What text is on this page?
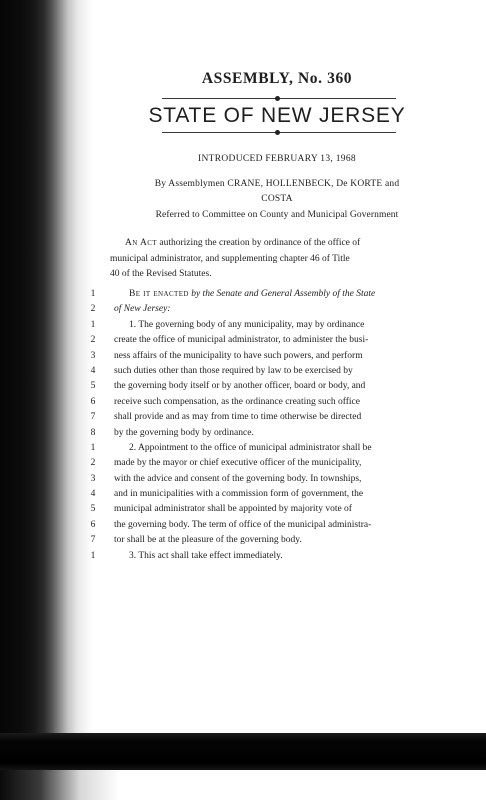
ASSEMBLY, No. 360
STATE OF NEW JERSEY
INTRODUCED FEBRUARY 13, 1968
By Assemblymen CRANE, HOLLENBECK, De KORTE and
COSTA
Referred to Committee on County and Municipal Government
An Act authorizing the creation by ordinance of the office of
municipal administrator, and supplementing chapter 46 of Title
40 of the Revised Statutes.
1	Be it enacted by the Senate and General Assembly of the State
2 of New Jersey:
1	1. The governing body of any municipality, may by ordinance
2 create the office of municipal administrator, to administer the busi-
3 ness affairs of the municipality to have such powers, and perform
4 such duties other than those required by law to be exercised by
5 the governing body itself or by another officer, board or body, and
6 receive such compensation, as the ordinance creating such office
7 shall provide and as may from time to time otherwise be directed
8 by the governing body by ordinance.
1	2. Appointment to the office of municipal administrator shall be
2 made by the mayor or chief executive officer of the municipality,
3 with the advice and consent of the governing body. In townships,
4 and in municipalities with a commission form of government, the
5 municipal administrator shall be appointed by majority vote of
6 the governing body. The term of office of the municipal administra-
7 tor shall be at the pleasure of the governing body.
1	3. This act shall take effect immediately.
